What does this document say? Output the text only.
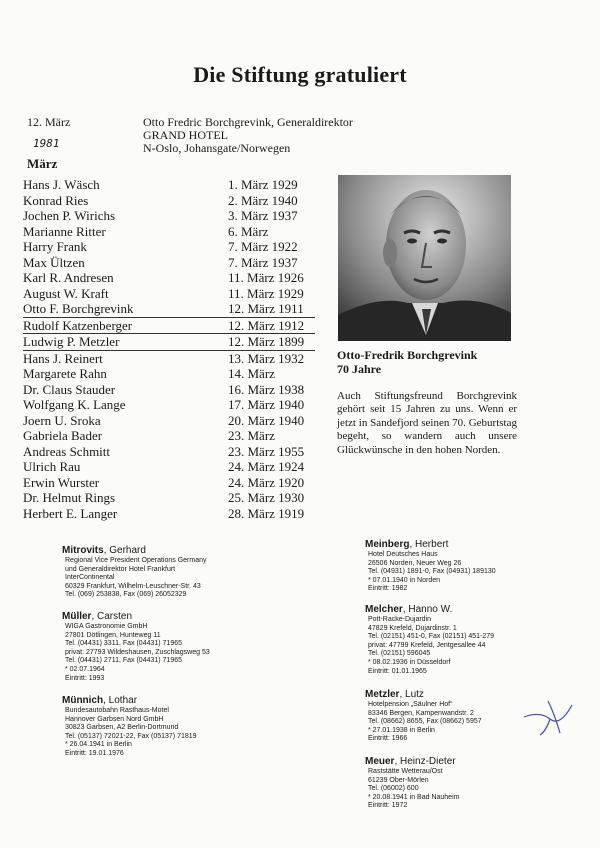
Die Stiftung gratuliert
12. März
1981
Otto Fredric Borchgrevink, Generaldirektor
GRAND HOTEL
N-Oslo, Johansgate/Norwegen
März
Hans J. Wäsch	1. März 1929
Konrad Ries	2. März 1940
Jochen P. Wirichs	3. März 1937
Marianne Ritter	6. März
Harry Frank	7. März 1922
Max Ültzen	7. März 1937
Karl R. Andresen	11. März 1926
August W. Kraft	11. März 1929
Otto F. Borchgrevink	12. März 1911
Rudolf Katzenberger	12. März 1912
Ludwig P. Metzler	12. März 1899
Hans J. Reinert	13. März 1932
Margarete Rahn	14. März
Dr. Claus Stauder	16. März 1938
Wolfgang K. Lange	17. März 1940
Joern U. Sroka	20. März 1940
Gabriela Bader	23. März
Andreas Schmitt	23. März 1955
Ulrich Rau	24. März 1924
Erwin Wurster	24. März 1920
Dr. Helmut Rings	25. März 1930
Herbert E. Langer	28. März 1919
Otto-Fredrik Borchgrevink
70 Jahre
Auch Stiftungsfreund Borchgrevink gehört seit 15 Jahren zu uns. Wenn er jetzt in Sandefjord seinen 70. Geburtstag begeht, so wandern auch unsere Glückwünsche in den hohen Norden.
Mitrovits, Gerhard
Regional Vice President Operations Germany
und Generaldirektor Hotel Frankfurt
InterContinental
60329 Frankfurt, Wilhelm-Leuschner-Str. 43
Tel. (069) 253838, Fax (069) 26052329
Müller, Carsten
WIGA Gastronomie GmbH
27801 Dötlingen, Hunteweg 11
Tel. (04431) 3311, Fax (04431) 71965
privat: 27793 Wildeshausen, Zuschlagsweg 53
Tel. (04431) 2711, Fax (04431) 71965
* 02.07.1964
Eintritt: 1993
Münnich, Lothar
Bundesautobahn Rasthaus-Motel
Hannover Garbsen Nord GmbH
30823 Garbsen, A2 Berlin-Dortmund
Tel. (05137) 72021-22, Fax (05137) 71819
* 26.04.1941 in Berlin
Eintritt: 19.01.1976
Meinberg, Herbert
Hotel Deutsches Haus
26506 Norden, Neuer Weg 26
Tel. (04931) 1891-0, Fax (04931) 189130
* 07.01.1940 in Norden
Eintritt: 1982
Melcher, Hanno W.
Pott-Racke-Dujardin
47829 Krefeld, Dujardinstr. 1
Tel. (02151) 451-0, Fax (02151) 451-279
privat: 47799 Krefeld, Jentgesallee 44
Tel. (02151) 596045
* 08.02.1936 in Düsseldorf
Eintritt: 01.01.1965
Metzler, Lutz
Hotelpension „Säulner Hof“
83346 Bergen, Kampenwandstr. 2
Tel. (08662) 8655, Fax (08662) 5957
* 27.01.1938 in Berlin
Eintritt: 1966
Meuer, Heinz-Dieter
Raststätte Wetterau/Ost
61239 Ober-Mörlen
Tel. (06002) 600
* 20.08.1941 in Bad Nauheim
Eintritt: 1972
